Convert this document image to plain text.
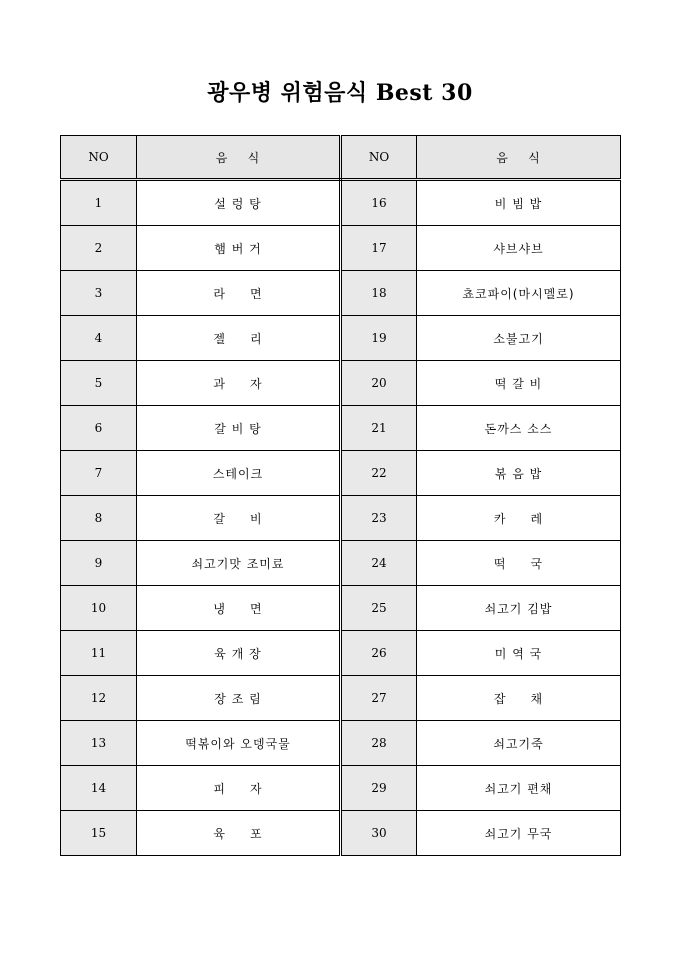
광우병 위험음식 Best 30
NO	음    식	NO	음    식
1	설 렁 탕	16	비 빔 밥
2	햄 버 거	17	샤브샤브
3	라     면	18	쵸코파이(마시멜로)
4	젤     리	19	소불고기
5	과     자	20	떡 갈 비
6	갈 비 탕	21	돈까스 소스
7	스테이크	22	볶 음 밥
8	갈     비	23	카     레
9	쇠고기맛 조미료	24	떡     국
10	냉     면	25	쇠고기 김밥
11	육 개 장	26	미 역 국
12	장 조 림	27	잡     채
13	떡볶이와 오뎅국물	28	쇠고기죽
14	피     자	29	쇠고기 편채
15	육     포	30	쇠고기 무국
